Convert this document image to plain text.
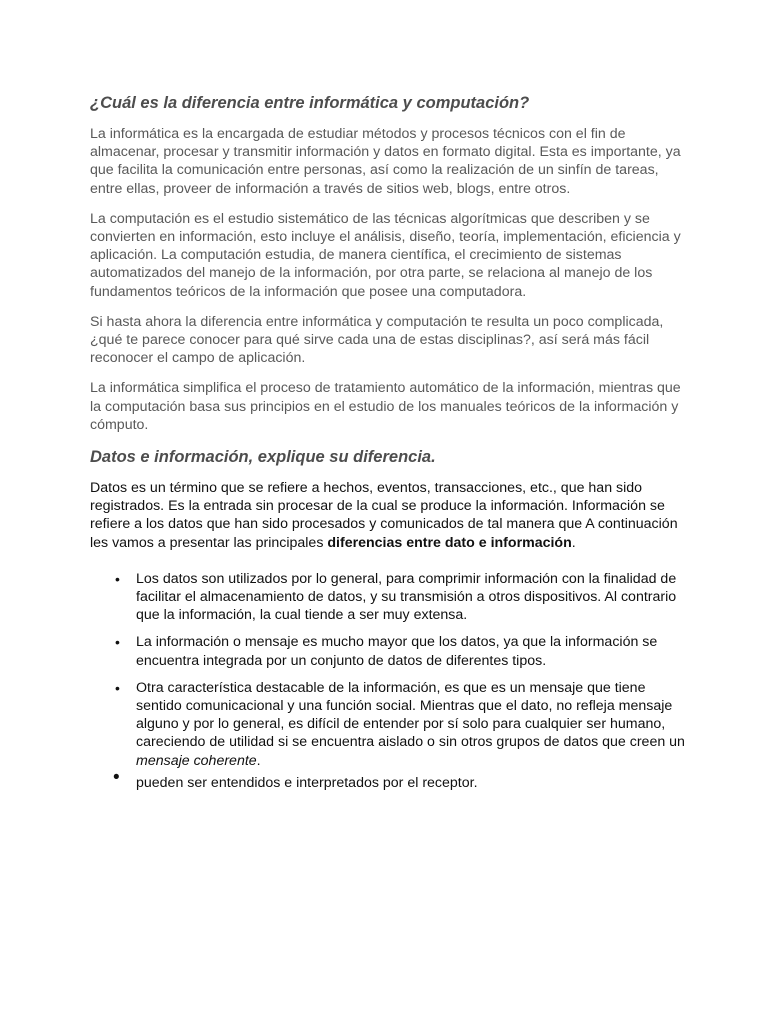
¿Cuál es la diferencia entre informática y computación?

La informática es la encargada de estudiar métodos y procesos técnicos con el fin de almacenar, procesar y transmitir información y datos en formato digital. Esta es importante, ya que facilita la comunicación entre personas, así como la realización de un sinfín de tareas, entre ellas, proveer de información a través de sitios web, blogs, entre otros.

La computación es el estudio sistemático de las técnicas algorítmicas que describen y se convierten en información, esto incluye el análisis, diseño, teoría, implementación, eficiencia y aplicación. La computación estudia, de manera científica, el crecimiento de sistemas automatizados del manejo de la información, por otra parte, se relaciona al manejo de los fundamentos teóricos de la información que posee una computadora.

Si hasta ahora la diferencia entre informática y computación te resulta un poco complicada, ¿qué te parece conocer para qué sirve cada una de estas disciplinas?, así será más fácil reconocer el campo de aplicación.

La informática simplifica el proceso de tratamiento automático de la información, mientras que la computación basa sus principios en el estudio de los manuales teóricos de la información y cómputo.

Datos e información, explique su diferencia.

Datos es un término que se refiere a hechos, eventos, transacciones, etc., que han sido registrados. Es la entrada sin procesar de la cual se produce la información. Información se refiere a los datos que han sido procesados y comunicados de tal manera que A continuación les vamos a presentar las principales diferencias entre dato e información.

• Los datos son utilizados por lo general, para comprimir información con la finalidad de facilitar el almacenamiento de datos, y su transmisión a otros dispositivos. Al contrario que la información, la cual tiende a ser muy extensa.
• La información o mensaje es mucho mayor que los datos, ya que la información se encuentra integrada por un conjunto de datos de diferentes tipos.
• Otra característica destacable de la información, es que es un mensaje que tiene sentido comunicacional y una función social. Mientras que el dato, no refleja mensaje alguno y por lo general, es difícil de entender por sí solo para cualquier ser humano, careciendo de utilidad si se encuentra aislado o sin otros grupos de datos que creen un mensaje coherente.
• pueden ser entendidos e interpretados por el receptor.
